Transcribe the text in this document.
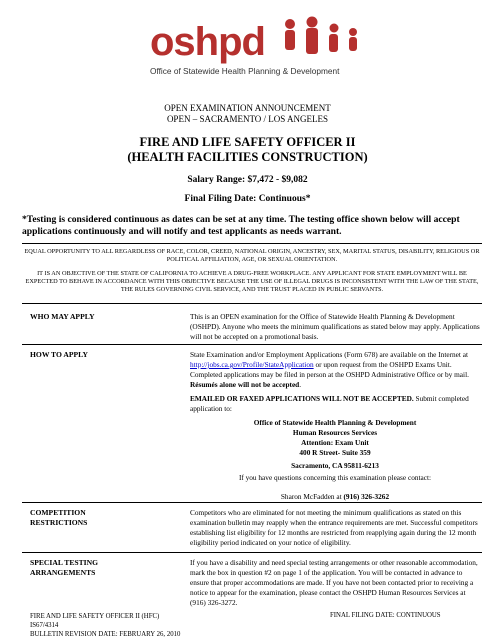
oshpd
Office of Statewide Health Planning & Development
OPEN EXAMINATION ANNOUNCEMENT
OPEN – SACRAMENTO / LOS ANGELES
FIRE AND LIFE SAFETY OFFICER II
(HEALTH FACILITIES CONSTRUCTION)
Salary Range: $7,472 - $9,082
Final Filing Date: Continuous*
*Testing is considered continuous as dates can be set at any time. The testing office shown below will accept applications continuously and will notify and test applicants as needs warrant.
EQUAL OPPORTUNITY TO ALL REGARDLESS OF RACE, COLOR, CREED, NATIONAL ORIGIN, ANCESTRY, SEX, MARITAL STATUS, DISABILITY, RELIGIOUS OR POLITICAL AFFILIATION, AGE, OR SEXUAL ORIENTATION.
IT IS AN OBJECTIVE OF THE STATE OF CALIFORNIA TO ACHIEVE A DRUG-FREE WORKPLACE. ANY APPLICANT FOR STATE EMPLOYMENT WILL BE EXPECTED TO BEHAVE IN ACCORDANCE WITH THIS OBJECTIVE BECAUSE THE USE OF ILLEGAL DRUGS IS INCONSISTENT WITH THE LAW OF THE STATE, THE RULES GOVERNING CIVIL SERVICE, AND THE TRUST PLACED IN PUBLIC SERVANTS.
WHO MAY APPLY	This is an OPEN examination for the Office of Statewide Health Planning & Development (OSHPD). Anyone who meets the minimum qualifications as stated below may apply. Applications will not be accepted on a promotional basis.
HOW TO APPLY	State Examination and/or Employment Applications (Form 678) are available on the Internet at http://jobs.ca.gov/Profile/StateApplication or upon request from the OSHPD Exams Unit. Completed applications may be filed in person at the OSHPD Administrative Office or by mail. Résumés alone will not be accepted.
EMAILED OR FAXED APPLICATIONS WILL NOT BE ACCEPTED. Submit completed application to:
Office of Statewide Health Planning & Development
Human Resources Services
Attention: Exam Unit
400 R Street- Suite 359
Sacramento, CA 95811-6213
If you have questions concerning this examination please contact:
Sharon McFadden at (916) 326-3262
COMPETITION
RESTRICTIONS
Competitors who are eliminated for not meeting the minimum qualifications as stated on this examination bulletin may reapply when the entrance requirements are met. Successful competitors establishing list eligibility for 12 months are restricted from reapplying again during the 12 month eligibility period indicated on your notice of eligibility.
SPECIAL TESTING
ARRANGEMENTS
If you have a disability and need special testing arrangements or other reasonable accommodation, mark the box in question #2 on page 1 of the application. You will be contacted in advance to ensure that proper accommodations are made. If you have not been contacted prior to receiving a notice to appear for the examination, please contact the OSHPD Human Resources Services at (916) 326-3272.
FIRE AND LIFE SAFETY OFFICER II (HFC)
IS67/4314
BULLETIN REVISION DATE: FEBRUARY 26, 2010
FINAL FILING DATE: CONTINUOUS
